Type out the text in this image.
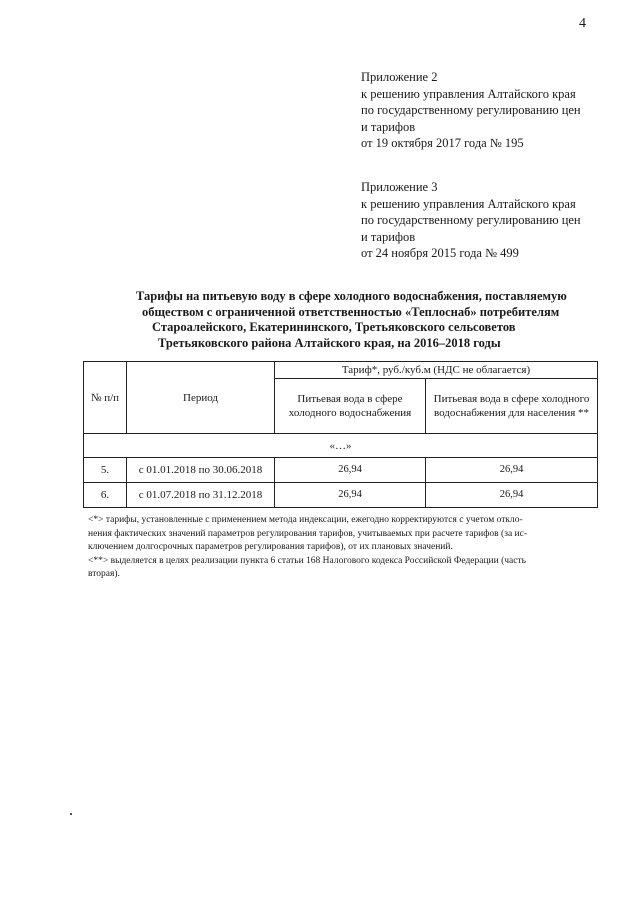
4
Приложение 2
к решению управления Алтайского края
по государственному регулированию цен
и тарифов
от 19 октября 2017 года № 195
Приложение 3
к решению управления Алтайского края
по государственному регулированию цен
и тарифов
от 24 ноября 2015 года № 499
Тарифы на питьевую воду в сфере холодного водоснабжения, поставляемую
обществом с ограниченной ответственностью «Теплоснаб» потребителям
Староалейского, Екатерининского, Третьяковского сельсоветов
Третьяковского района Алтайского края, на 2016–2018 годы
№ п/п	Период	Тариф*, руб./куб.м (НДС не облагается)	
		Питьевая вода в сфере холодного водоснабжения	Питьевая вода в сфере холодного водоснабжения для населения **
«…»			
5.	с 01.01.2018 по 30.06.2018	26,94	26,94
6.	с 01.07.2018 по 31.12.2018	26,94	26,94
<*> тарифы, установленные с применением метода индексации, ежегодно корректируются с учетом откло-
нения фактических значений параметров регулирования тарифов, учитываемых при расчете тарифов (за ис-
ключением долгосрочных параметров регулирования тарифов), от их плановых значений.
<**> выделяется в целях реализации пункта 6 статьи 168 Налогового кодекса Российской Федерации (часть
вторая).
